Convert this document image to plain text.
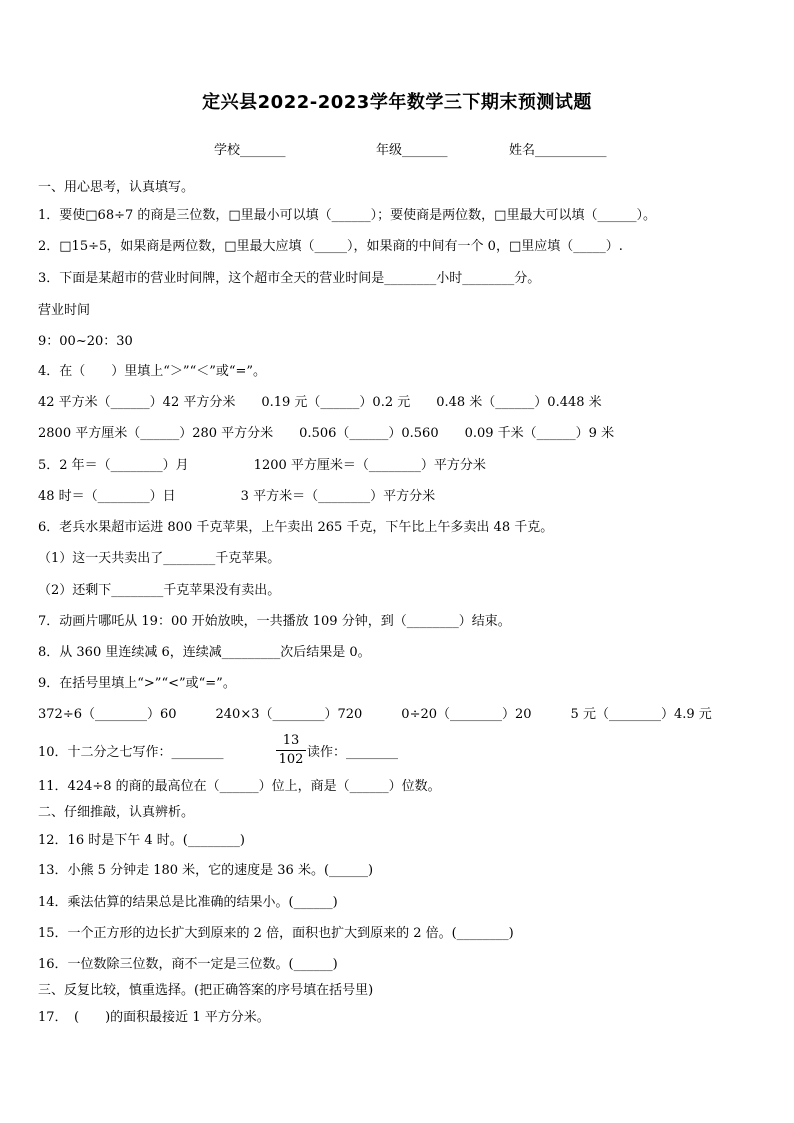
定兴县2022-2023学年数学三下期末预测试题
学校_______	年级_______	姓名___________
一、用心思考，认真填写。
1．要使□68÷7 的商是三位数，□里最小可以填（______）；要使商是两位数，□里最大可以填（______）。
2．□15÷5，如果商是两位数，□里最大应填（_____），如果商的中间有一个 0，□里应填（_____）.
3．下面是某超市的营业时间牌，这个超市全天的营业时间是________小时________分。
营业时间
9：00~20：30
4．在（　　）里填上“＞”“＜”或“=”。
42 平方米（______）42 平方分米　　0.19 元（______）0.2 元　　0.48 米（______）0.448 米
2800 平方厘米（______）280 平方分米　　0.506（______）0.560　　0.09 千米（______）9 米
5．2 年＝（________）月　　　　　1200 平方厘米＝（________）平方分米
48 时＝（________）日　　　　　3 平方米＝（________）平方分米
6．老兵水果超市运进 800 千克苹果，上午卖出 265 千克，下午比上午多卖出 48 千克。
（1）这一天共卖出了________千克苹果。
（2）还剩下________千克苹果没有卖出。
7．动画片哪吒从 19：00 开始放映，一共播放 109 分钟，到（________）结束。
8．从 360 里连续减 6，连续减_________次后结果是 0。
9．在括号里填上“>”“<”或“=”。
372÷6（________）60　　　240×3（________）720　　　0÷20（________）20　　　5 元（________）4.9 元
10．十二分之七写作：________	$\frac{13}{102}$ 读作：________
11．424÷8 的商的最高位在（______）位上，商是（______）位数。
二、仔细推敲，认真辨析。
12．16 时是下午 4 时。(________)
13．小熊 5 分钟走 180 米，它的速度是 36 米。(______)
14．乘法估算的结果总是比准确的结果小。(______)
15．一个正方形的边长扩大到原来的 2 倍，面积也扩大到原来的 2 倍。(________)
16．一位数除三位数，商不一定是三位数。(______)
三、反复比较，慎重选择。(把正确答案的序号填在括号里)
17．　(　　)的面积最接近 1 平方分米。
